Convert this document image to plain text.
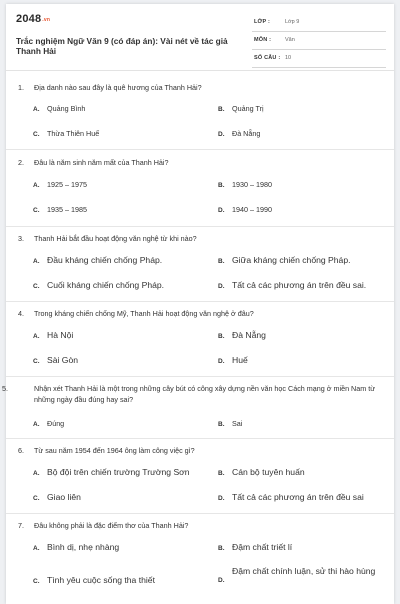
$2048^{.vn}$
Trắc nghiệm Ngữ Văn 9 (có đáp án): Vài nét về tác giả Thanh Hải
LỚP :	Lớp 9
MÔN :	Văn
SỐ CÂU : 10
1. Địa danh nào sau đây là quê hương của Thanh Hải?
A. Quảng Bình	B. Quảng Trị
C. Thừa Thiên Huế	D. Đà Nẵng
2. Đâu là năm sinh năm mất của Thanh Hải?
A. 1925 – 1975	B. 1930 – 1980
C. 1935 – 1985	D. 1940 – 1990
3. Thanh Hải bắt đầu hoạt động văn nghệ từ khi nào?
A. Đầu kháng chiến chống Pháp.	B. Giữa kháng chiến chống Pháp.
C. Cuối kháng chiến chống Pháp.	D. Tất cả các phương án trên đều sai.
4. Trong kháng chiến chống Mỹ, Thanh Hải hoạt động văn nghệ ở đâu?
A. Hà Nội	B. Đà Nẵng
C. Sài Gòn	D. Huế
5.	Nhận xét Thanh Hải là một trong những cây bút có công xây dựng nền văn học Cách mạng ở miền Nam từ những ngày đầu đúng hay sai?
A. Đúng	B. Sai
6. Từ sau năm 1954 đến 1964 ông làm công việc gì?
A. Bộ đội trên chiến trường Trường Sơn	B. Cán bộ tuyên huấn
C. Giao liên	D. Tất cả các phương án trên đều sai
7. Đâu không phải là đặc điểm thơ của Thanh Hải?
A. Bình dị, nhẹ nhàng	B. Đậm chất triết lí
C. Tình yêu cuộc sống tha thiết	D.Đậm chất chính luận, sử thi hào hùng
